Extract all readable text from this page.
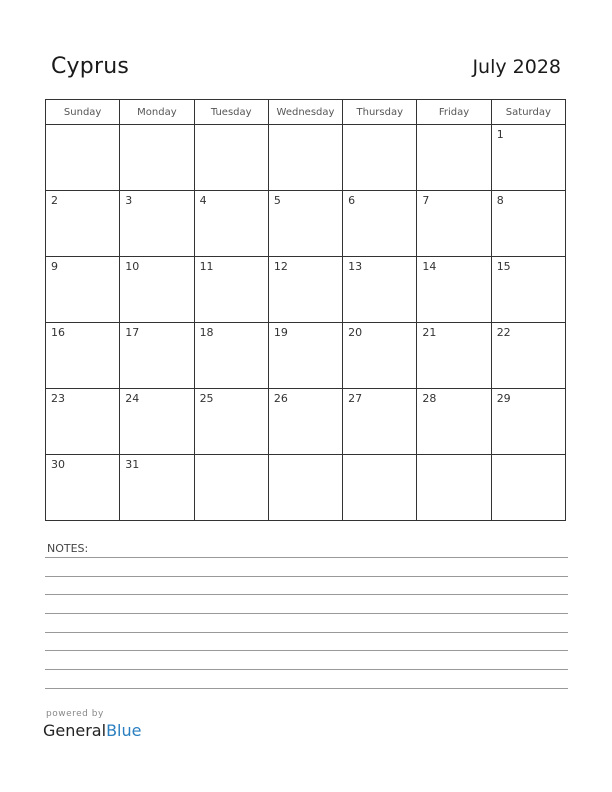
Cyprus	July 2028
Sunday	Monday	Tuesday	Wednesday	Thursday	Friday	Saturday

						1

2	3	4	5	6	7	8

9	10	11	12	13	14	15

16	17	18	19	20	21	22

23	24	25	26	27	28	29

30	31					

NOTES:
powered by
GeneralBlue
